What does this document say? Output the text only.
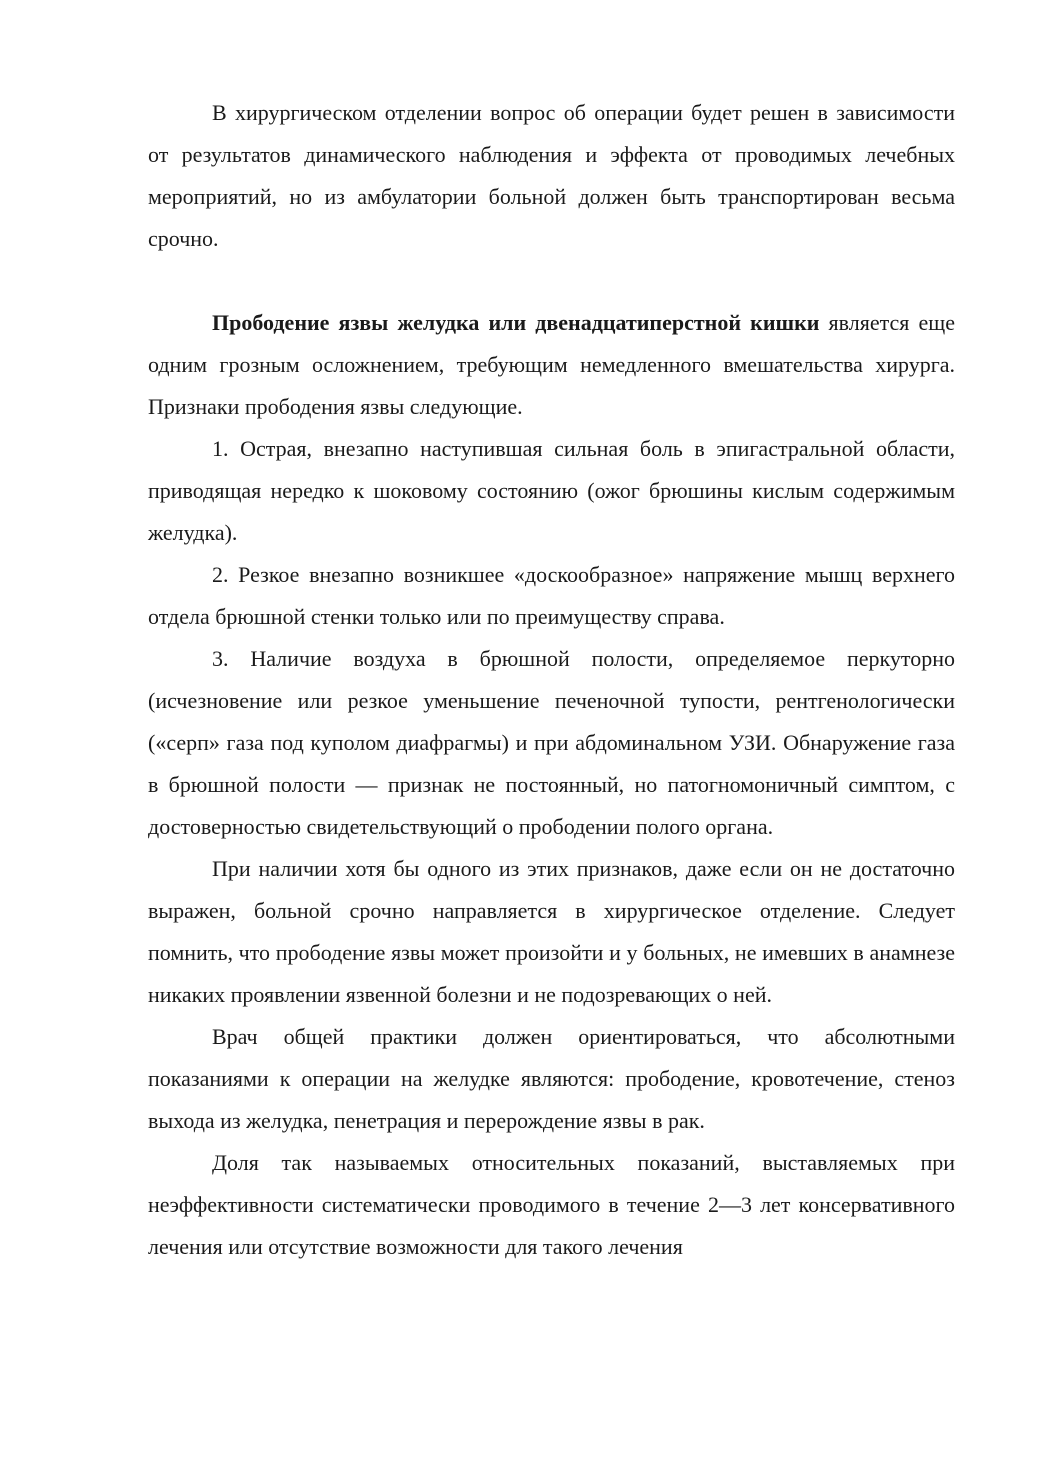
В хирургическом отделении вопрос об операции будет решен в зависимости от результатов динамического наблюдения и эффекта от проводимых лечебных мероприятий, но из амбулатории больной должен быть транспортирован весьма срочно.

Прободение язвы желудка или двенадцатиперстной кишки является еще одним грозным осложнением, требующим немедленного вмешательства хирурга. Признаки прободения язвы следующие.

1. Острая, внезапно наступившая сильная боль в эпигастральной области, приводящая нередко к шоковому состоянию (ожог брюшины кислым содержимым желудка).

2. Резкое внезапно возникшее «доскообразное» напряжение мышц верхнего отдела брюшной стенки только или по преимуществу справа.

3. Наличие воздуха в брюшной полости, определяемое перкуторно (исчезновение или резкое уменьшение печеночной тупости, рентгенологически («серп» газа под куполом диафрагмы) и при абдоминальном УЗИ. Обнаружение газа в брюшной полости — признак не постоянный, но патогномоничный симптом, с достоверностью свидетельствующий о прободении полого органа.

При наличии хотя бы одного из этих признаков, даже если он не достаточно выражен, больной срочно направляется в хирургическое отделение. Следует помнить, что прободение язвы может произойти и у больных, не имевших в анамнезе никаких проявлении язвенной болезни и не подозревающих о ней.

Врач общей практики должен ориентироваться, что абсолютными показаниями к операции на желудке являются: прободение, кровотечение, стеноз выхода из желудка, пенетрация и перерождение язвы в рак.

Доля так называемых относительных показаний, выставляемых при неэффективности систематически проводимого в течение 2—3 лет консервативного лечения или отсутствие возможности для такого лечения
